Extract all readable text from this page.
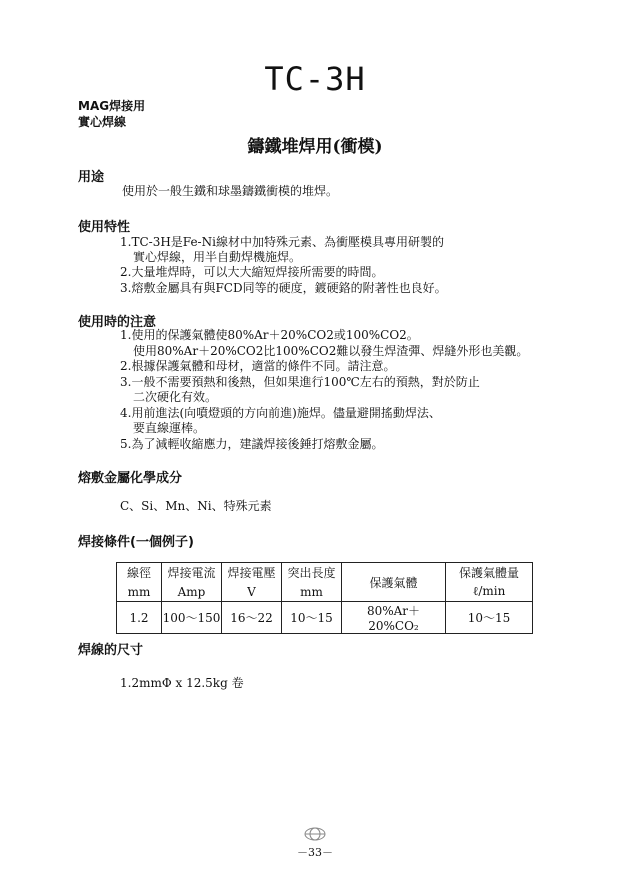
TC-3H
MAG焊接用
實心焊線
鑄鐵堆焊用(衝模)
用途
使用於一般生鐵和球墨鑄鐵衝模的堆焊。
使用特性
1.TC-3H是Fe-Ni線材中加特殊元素、為衝壓模具專用研製的
實心焊線，用半自動焊機施焊。
2.大量堆焊時，可以大大縮短焊接所需要的時間。
3.熔敷金屬具有與FCD同等的硬度，鍍硬鉻的附著性也良好。
使用時的注意
1.使用的保護氣體使80%Ar＋20%CO2或100%CO2。
使用80%Ar＋20%CO2比100%CO2難以發生焊渣彈、焊縫外形也美觀。
2.根據保護氣體和母材，適當的條件不同。請注意。
3.一般不需要預熱和後熱，但如果進行100℃左右的預熱，對於防止
二次硬化有效。
4.用前進法(向噴燈頭的方向前進)施焊。儘量避開搖動焊法、
要直線運棒。
5.為了減輕收縮應力，建議焊接後錘打熔敷金屬。
熔敷金屬化學成分
C、Si、Mn、Ni、特殊元素
焊接條件(一個例子)
線徑	焊接電流	焊接電壓	突出長度	保護氣體	保護氣體量
mm	Amp	V	mm		ℓ/min
1.2	100～150	16～22	10～15	80%Ar＋20%CO₂	10～15
焊線的尺寸
1.2mmΦ x 12.5kg 卷
－33－
